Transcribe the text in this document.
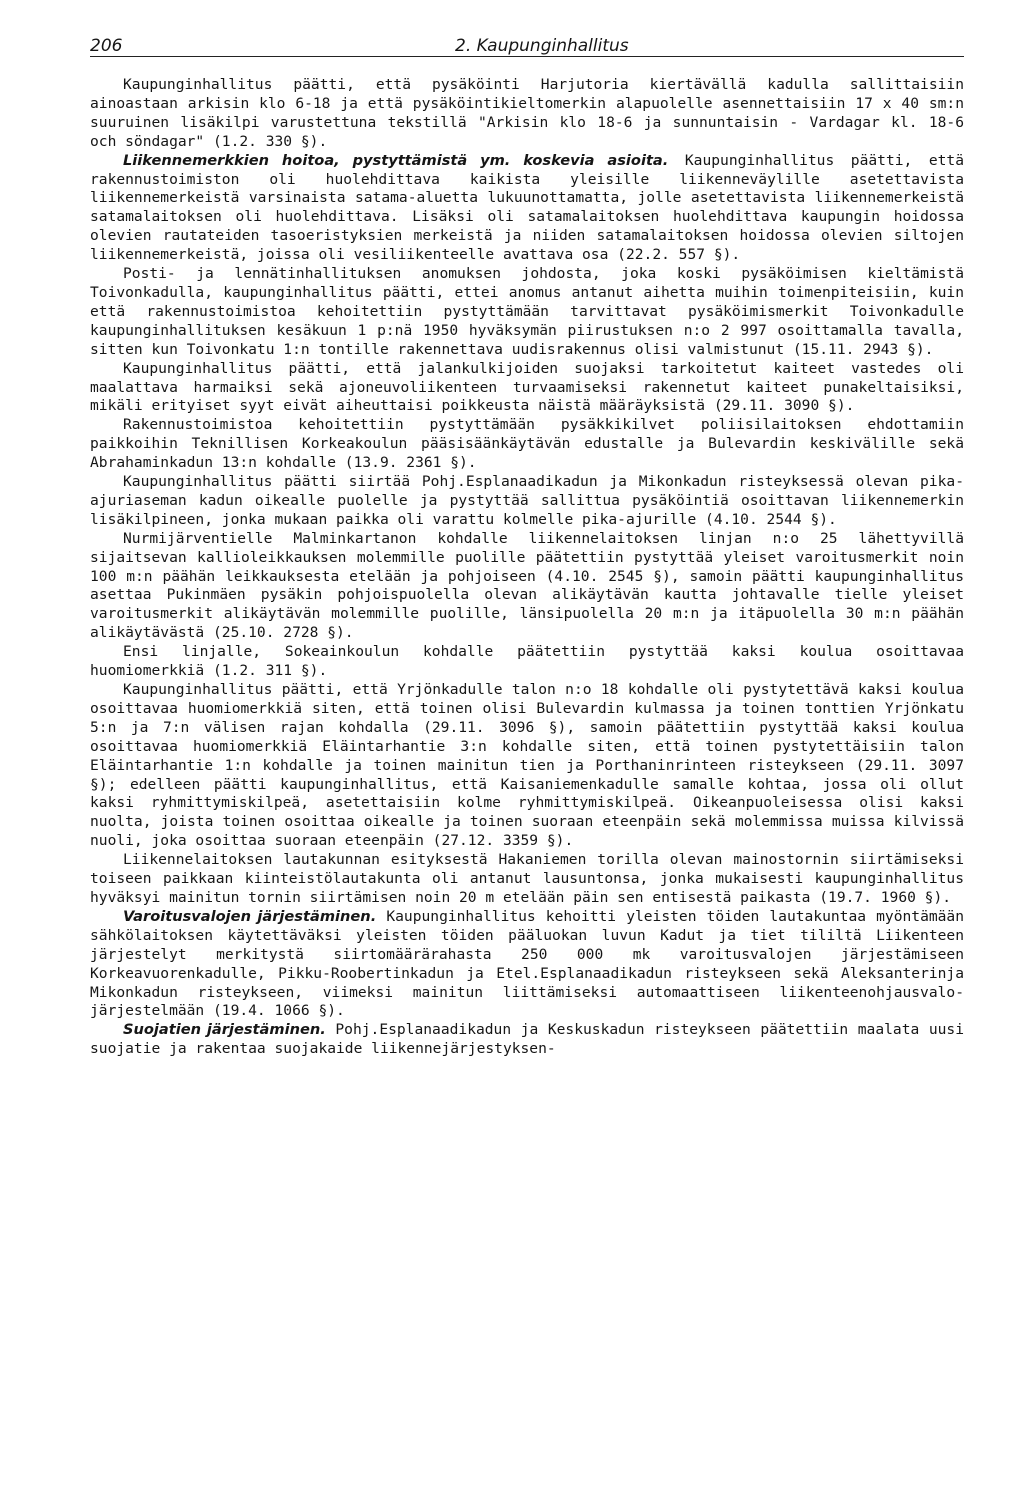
206	2. Kaupunginhallitus

Kaupunginhallitus päätti, että pysäköinti Harjutoria kiertävällä kadulla sallittaisiin ainoastaan arkisin klo 6-18 ja että pysäköintikieltomerkin alapuolelle asennettaisiin 17 x 40 sm:n suuruinen lisäkilpi varustettuna tekstillä "Arkisin klo 18-6 ja sunnuntaisin - Vardagar kl. 18-6 och söndagar" (1.2. 330 §).

Liikennemerkkien hoitoa, pystyttämistä ym. koskevia asioita. Kaupunginhallitus päätti, että rakennustoimiston oli huolehdittava kaikista yleisille liikenneväylille asetettavista liikennemerkeistä varsinaista satama-aluetta lukuunottamatta, jolle asetettavista liikennemerkeistä satamalaitoksen oli huolehdittava. Lisäksi oli satamalaitoksen huolehdittava kaupungin hoidossa olevien rautateiden tasoeristyksien merkeistä ja niiden satamalaitoksen hoidossa olevien siltojen liikennemerkeistä, joissa oli vesiliikenteelle avattava osa (22.2. 557 §).

Posti- ja lennätinhallituksen anomuksen johdosta, joka koski pysäköimisen kieltämistä Toivonkadulla, kaupunginhallitus päätti, ettei anomus antanut aihetta muihin toimenpiteisiin, kuin että rakennustoimistoa kehoitettiin pystyttämään tarvittavat pysäköimismerkit Toivonkadulle kaupunginhallituksen kesäkuun 1 p:nä 1950 hyväksymän piirustuksen n:o 2 997 osoittamalla tavalla, sitten kun Toivonkatu 1:n tontille rakennettava uudisrakennus olisi valmistunut (15.11. 2943 §).

Kaupunginhallitus päätti, että jalankulkijoiden suojaksi tarkoitetut kaiteet vastedes oli maalattava harmaiksi sekä ajoneuvoliikenteen turvaamiseksi rakennetut kaiteet punakeltaisiksi, mikäli erityiset syyt eivät aiheuttaisi poikkeusta näistä määräyksistä (29.11. 3090 §).

Rakennustoimistoa kehoitettiin pystyttämään pysäkkikilvet poliisilaitoksen ehdottamiin paikkoihin Teknillisen Korkeakoulun pääsisäänkäytävän edustalle ja Bulevardin keskivälille sekä Abrahaminkadun 13:n kohdalle (13.9. 2361 §).

Kaupunginhallitus päätti siirtää Pohj.Esplanaadikadun ja Mikonkadun risteyksessä olevan pika-ajuriaseman kadun oikealle puolelle ja pystyttää sallittua pysäköintiä osoittavan liikennemerkin lisäkilpineen, jonka mukaan paikka oli varattu kolmelle pika-ajurille (4.10. 2544 §).

Nurmijärventielle Malminkartanon kohdalle liikennelaitoksen linjan n:o 25 lähettyvillä sijaitsevan kallioleikkauksen molemmille puolille päätettiin pystyttää yleiset varoitusmerkit noin 100 m:n päähän leikkauksesta etelään ja pohjoiseen (4.10. 2545 §), samoin päätti kaupunginhallitus asettaa Pukinmäen pysäkin pohjoispuolella olevan alikäytävän kautta johtavalle tielle yleiset varoitusmerkit alikäytävän molemmille puolille, länsipuolella 20 m:n ja itäpuolella 30 m:n päähän alikäytävästä (25.10. 2728 §).

Ensi linjalle, Sokeainkoulun kohdalle päätettiin pystyttää kaksi koulua osoittavaa huomiomerkkiä (1.2. 311 §).

Kaupunginhallitus päätti, että Yrjönkadulle talon n:o 18 kohdalle oli pystytettävä kaksi koulua osoittavaa huomiomerkkiä siten, että toinen olisi Bulevardin kulmassa ja toinen tonttien Yrjönkatu 5:n ja 7:n välisen rajan kohdalla (29.11. 3096 §), samoin päätettiin pystyttää kaksi koulua osoittavaa huomiomerkkiä Eläintarhantie 3:n kohdalle siten, että toinen pystytettäisiin talon Eläintarhantie 1:n kohdalle ja toinen mainitun tien ja Porthaninrinteen risteykseen (29.11. 3097 §); edelleen päätti kaupunginhallitus, että Kaisaniemenkadulle samalle kohtaa, jossa oli ollut kaksi ryhmittymiskilpeä, asetettaisiin kolme ryhmittymiskilpeä. Oikeanpuoleisessa olisi kaksi nuolta, joista toinen osoittaa oikealle ja toinen suoraan eteenpäin sekä molemmissa muissa kilvissä nuoli, joka osoittaa suoraan eteenpäin (27.12. 3359 §).

Liikennelaitoksen lautakunnan esityksestä Hakaniemen torilla olevan mainostornin siirtämiseksi toiseen paikkaan kiinteistölautakunta oli antanut lausuntonsa, jonka mukaisesti kaupunginhallitus hyväksyi mainitun tornin siirtämisen noin 20 m etelään päin sen entisestä paikasta (19.7. 1960 §).

Varoitusvalojen järjestäminen. Kaupunginhallitus kehoitti yleisten töiden lautakuntaa myöntämään sähkölaitoksen käytettäväksi yleisten töiden pääluokan luvun Kadut ja tiet tililtä Liikenteen järjestelyt merkitystä siirtomäärärahasta 250 000 mk varoitusvalojen järjestämiseen Korkeavuorenkadulle, Pikku-Roobertinkadun ja Etel.Esplanaadikadun risteykseen sekä Aleksanterinja Mikonkadun risteykseen, viimeksi mainitun liittämiseksi automaattiseen liikenteenohjausvalo-järjestelmään (19.4. 1066 §).

Suojatien järjestäminen. Pohj.Esplanaadikadun ja Keskuskadun risteykseen päätettiin maalata uusi suojatie ja rakentaa suojakaide liikennejärjestyksen-
